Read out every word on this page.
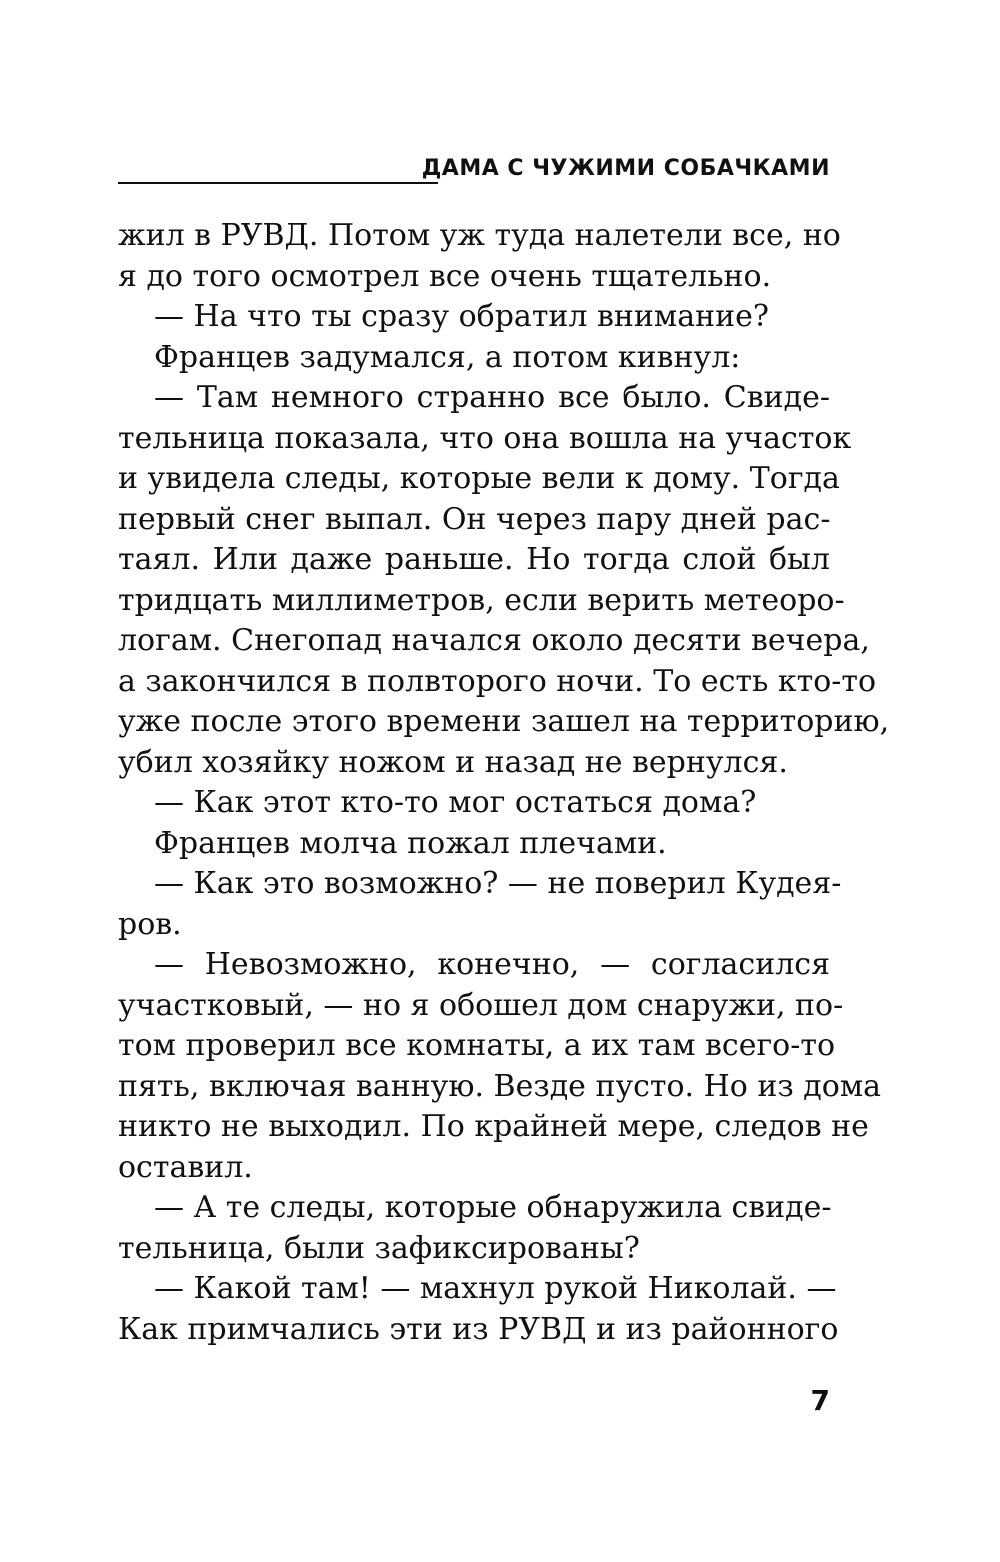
ДАМА С ЧУЖИМИ СОБАЧКАМИ
жил в РУВД. Потом уж туда налетели все, но
я до того осмотрел все очень тщательно.
— На что ты сразу обратил внимание?
Францев задумался, а потом кивнул:
— Там немного странно все было. Свиде-
тельница показала, что она вошла на участок
и увидела следы, которые вели к дому. Тогда
первый снег выпал. Он через пару дней рас-
таял. Или даже раньше. Но тогда слой был
тридцать миллиметров, если верить метеоро-
логам. Снегопад начался около десяти вечера,
а закончился в полвторого ночи. То есть кто-то
уже после этого времени зашел на территорию,
убил хозяйку ножом и назад не вернулся.
— Как этот кто-то мог остаться дома?
Францев молча пожал плечами.
— Как это возможно? — не поверил Кудея-
ров.
— Невозможно, конечно, — согласился
участковый, — но я обошел дом снаружи, по-
том проверил все комнаты, а их там всего-то
пять, включая ванную. Везде пусто. Но из дома
никто не выходил. По крайней мере, следов не
оставил.
— А те следы, которые обнаружила свиде-
тельница, были зафиксированы?
— Какой там! — махнул рукой Николай. —
Как примчались эти из РУВД и из районного
7
